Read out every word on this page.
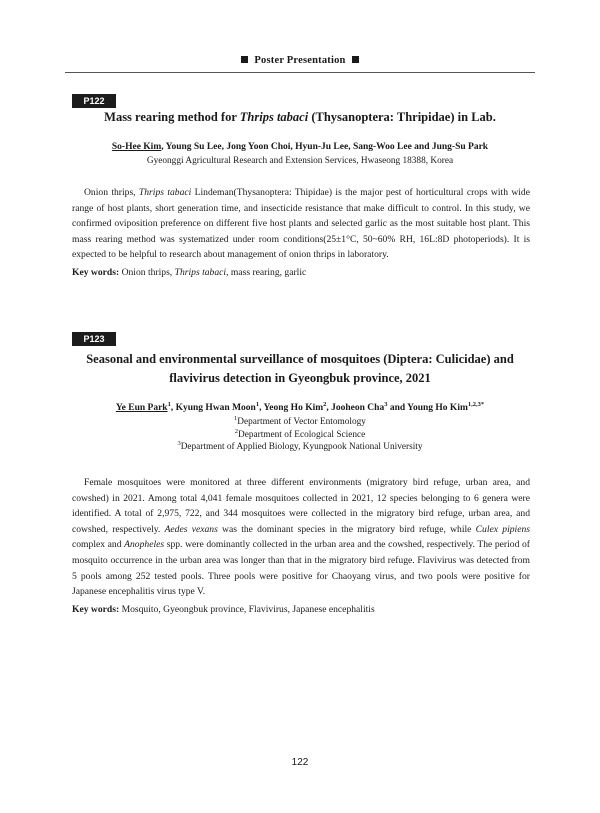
Poster Presentation
P122
Mass rearing method for Thrips tabaci (Thysanoptera: Thripidae) in Lab.
So-Hee Kim, Young Su Lee, Jong Yoon Choi, Hyun-Ju Lee, Sang-Woo Lee and Jung-Su Park
Gyeonggi Agricultural Research and Extension Services, Hwaseong 18388, Korea
Onion thrips, Thrips tabaci Lindeman(Thysanoptera: Thipidae) is the major pest of horticultural crops with wide range of host plants, short generation time, and insecticide resistance that make difficult to control. In this study, we confirmed oviposition preference on different five host plants and selected garlic as the most suitable host plant. This mass rearing method was systematized under room conditions(25±1°C, 50~60% RH, 16L:8D photoperiods). It is expected to be helpful to research about management of onion thrips in laboratory.
Key words: Onion thrips, Thrips tabaci, mass rearing, garlic
P123
Seasonal and environmental surveillance of mosquitoes (Diptera: Culicidae) and
flavivirus detection in Gyeongbuk province, 2021
Ye Eun Park$^1$, Kyung Hwan Moon$^1$, Yeong Ho Kim$^2$, Jooheon Cha$^3$ and Young Ho Kim$^{1,2,3*}$
$^1$Department of Vector Entomology
$^2$Department of Ecological Science
$^3$Department of Applied Biology, Kyungpook National University
Female mosquitoes were monitored at three different environments (migratory bird refuge, urban area, and cowshed) in 2021. Among total 4,041 female mosquitoes collected in 2021, 12 species belonging to 6 genera were identified. A total of 2,975, 722, and 344 mosquitoes were collected in the migratory bird refuge, urban area, and cowshed, respectively. Aedes vexans was the dominant species in the migratory bird refuge, while Culex pipiens complex and Anopheles spp. were dominantly collected in the urban area and the cowshed, respectively. The period of mosquito occurrence in the urban area was longer than that in the migratory bird refuge. Flavivirus was detected from 5 pools among 252 tested pools. Three pools were positive for Chaoyang virus, and two pools were positive for Japanese encephalitis virus type V.
Key words: Mosquito, Gyeongbuk province, Flavivirus, Japanese encephalitis
122
